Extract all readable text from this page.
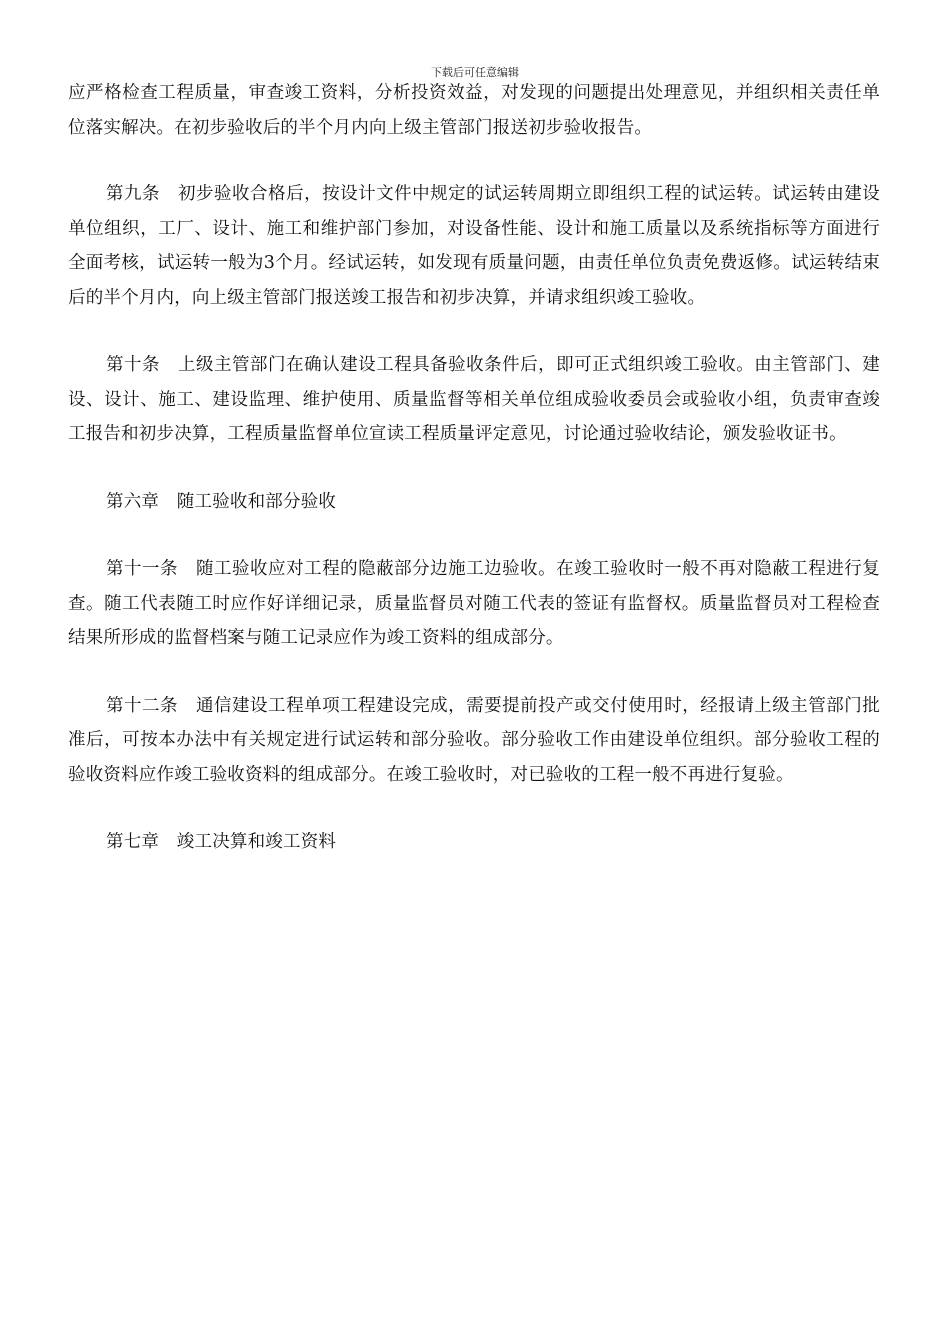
下载后可任意编辑

应严格检查工程质量，审查竣工资料，分析投资效益，对发现的问题提出处理意见，并组织相关责任单位落实解决。在初步验收后的半个月内向上级主管部门报送初步验收报告。

第九条　初步验收合格后，按设计文件中规定的试运转周期立即组织工程的试运转。试运转由建设单位组织，工厂、设计、施工和维护部门参加，对设备性能、设计和施工质量以及系统指标等方面进行全面考核，试运转一般为3个月。经试运转，如发现有质量问题，由责任单位负责免费返修。试运转结束后的半个月内，向上级主管部门报送竣工报告和初步决算，并请求组织竣工验收。

第十条　上级主管部门在确认建设工程具备验收条件后，即可正式组织竣工验收。由主管部门、建设、设计、施工、建设监理、维护使用、质量监督等相关单位组成验收委员会或验收小组，负责审查竣工报告和初步决算，工程质量监督单位宣读工程质量评定意见，讨论通过验收结论，颁发验收证书。

第六章　随工验收和部分验收

第十一条　随工验收应对工程的隐蔽部分边施工边验收。在竣工验收时一般不再对隐蔽工程进行复查。随工代表随工时应作好详细记录，质量监督员对随工代表的签证有监督权。质量监督员对工程检查结果所形成的监督档案与随工记录应作为竣工资料的组成部分。

第十二条　通信建设工程单项工程建设完成，需要提前投产或交付使用时，经报请上级主管部门批准后，可按本办法中有关规定进行试运转和部分验收。部分验收工作由建设单位组织。部分验收工程的验收资料应作竣工验收资料的组成部分。在竣工验收时，对已验收的工程一般不再进行复验。

第七章　竣工决算和竣工资料
